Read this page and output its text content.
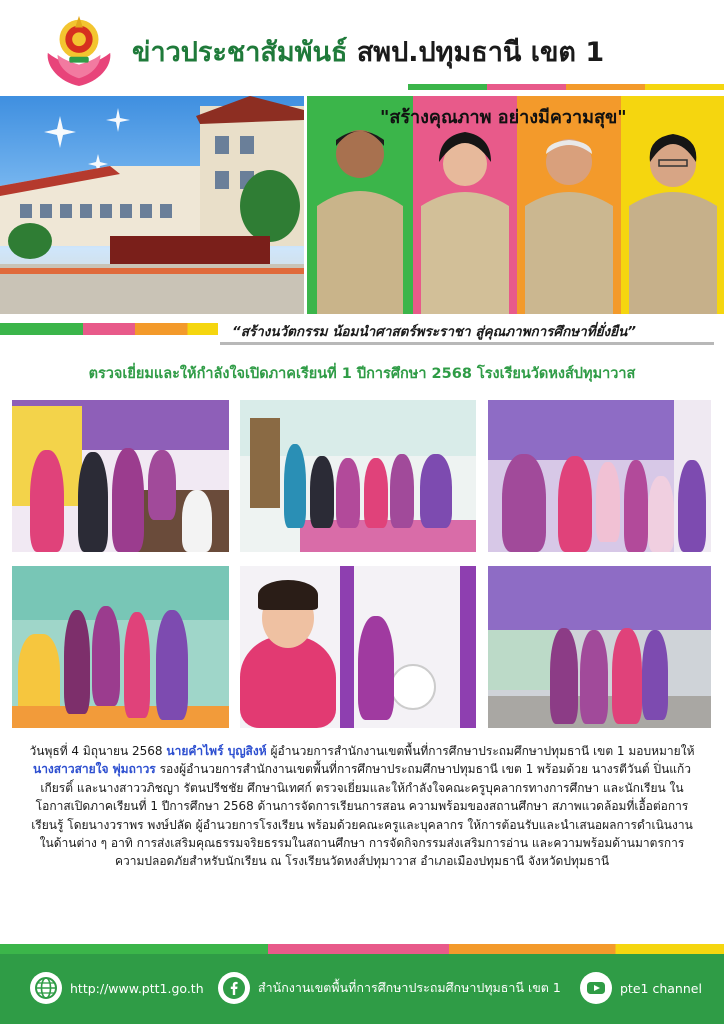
ข่าวประชาสัมพันธ์ สพป.ปทุมธานี เขต 1
"สร้างคุณภาพ อย่างมีความสุข"
“สร้างนวัตกรรม น้อมนำศาสตร์พระราชา สู่คุณภาพการศึกษาที่ยั่งยืน”
ตรวจเยี่ยมและให้กำลังใจเปิดภาคเรียนที่ 1 ปีการศึกษา 2568 โรงเรียนวัดหงส์ปทุมาวาส
วันพุธที่ 4 มิถุนายน 2568 นายคำไพร์ บุญสิงห์ ผู้อำนวยการสำนักงานเขตพื้นที่การศึกษาประถมศึกษาปทุมธานี เขต 1 มอบหมายให้ นางสาวสายใจ พุ่มถาวร รองผู้อำนวยการสำนักงานเขตพื้นที่การศึกษาประถมศึกษาปทุมธานี เขต 1 พร้อมด้วย นางรตีวันต์ ปิ่นแก้วเกียรติ์ และนางสาววภิชญา รัตนปรีชชัย ศึกษานิเทศก์ ตรวจเยี่ยมและให้กำลังใจคณะครูบุคลากรทางการศึกษา และนักเรียน ในโอกาสเปิดภาคเรียนที่ 1 ปีการศึกษา 2568 ด้านการจัดการเรียนการสอน ความพร้อมของสถานศึกษา สภาพแวดล้อมที่เอื้อต่อการเรียนรู้ โดยนางวราพร พงษ์ปลัด ผู้อำนวยการโรงเรียน พร้อมด้วยคณะครูและบุคลากร ให้การต้อนรับและนำเสนอผลการดำเนินงานในด้านต่าง ๆ อาทิ การส่งเสริมคุณธรรมจริยธรรมในสถานศึกษา การจัดกิจกรรมส่งเสริมการอ่าน และความพร้อมด้านมาตรการความปลอดภัยสำหรับนักเรียน ณ โรงเรียนวัดหงส์ปทุมาวาส อำเภอเมืองปทุมธานี จังหวัดปทุมธานี
http://www.ptt1.go.th	สำนักงานเขตพื้นที่การศึกษาประถมศึกษาปทุมธานี เขต 1	pte1 channel
